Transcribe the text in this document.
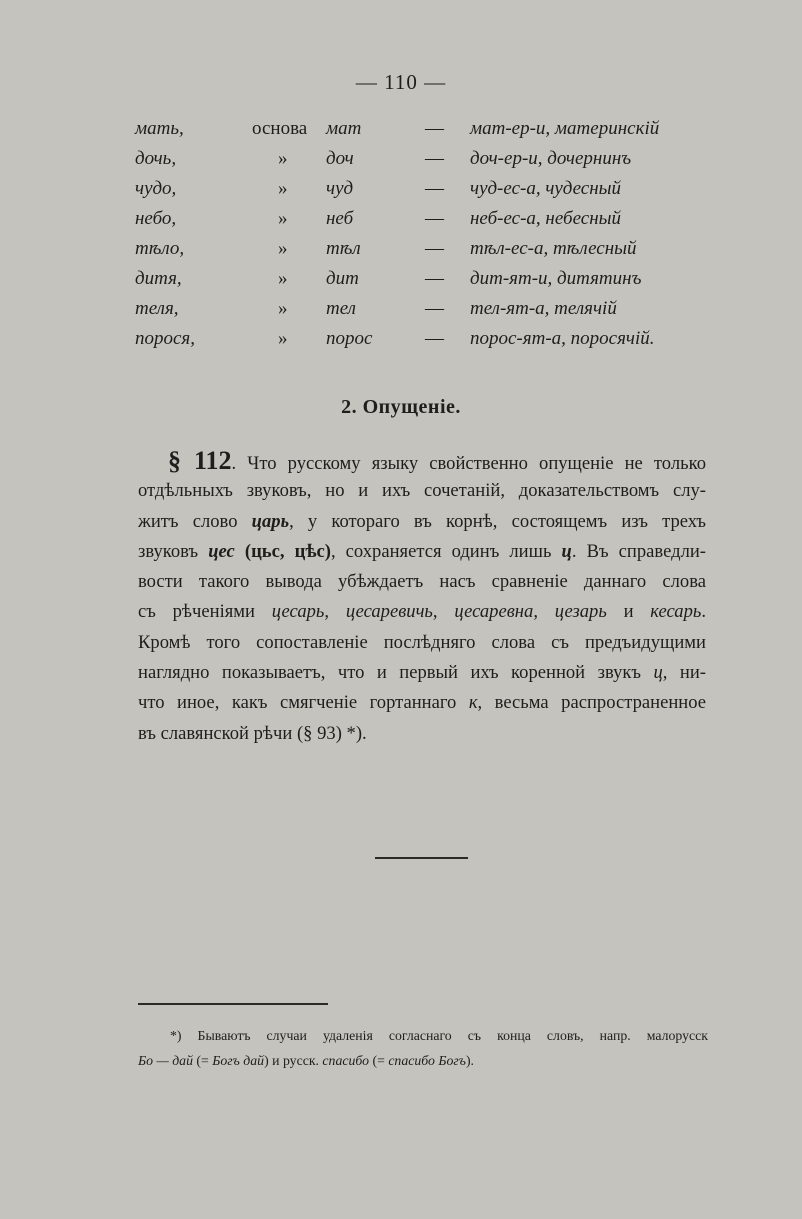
— 110 —
мать,	основа мат	— мат-ер-и, материнскій
дочь,	» доч	— доч-ер-и, дочернинъ
чудо,	» чуд	— чуд-ес-а, чудесный
небо,	» неб	— неб-ес-а, небесный
тѣло,	» тѣл	— тѣл-ес-а, тѣлесный
дитя,	» дит	— дит-ят-и, дитятинъ
теля,	» тел	— тел-ят-а, телячій
порося,	» порос	— порос-ят-а, поросячій.
2. Опущеніе.
§ 112. Что русскому языку свойственно опущеніе не только
отдѣльныхъ звуковъ, но и ихъ сочетаній, доказательствомъ слу-
житъ слово царь, у котораго въ корнѣ, состоящемъ изъ трехъ
звуковъ цес (цьс, цѣс), сохраняется одинъ лишь ц. Въ справедли-
вости такого вывода убѣждаетъ насъ сравненіе даннаго слова
съ рѣченіями цесарь, цесаревичь, цесаревна, цезарь и кесарь.
Кромѣ того сопоставленіе послѣдняго слова съ предъидущими
наглядно показываетъ, что и первый ихъ коренной звукъ ц, ни-
что иное, какъ смягченіе гортаннаго к, весьма распространенное
въ славянской рѣчи (§ 93) *).
*) Бываютъ случаи удаленія согласнаго съ конца словъ, напр. малорусск
Бо — дай (= Богъ дай) и русск. спасибо (= спасибо Богъ).
